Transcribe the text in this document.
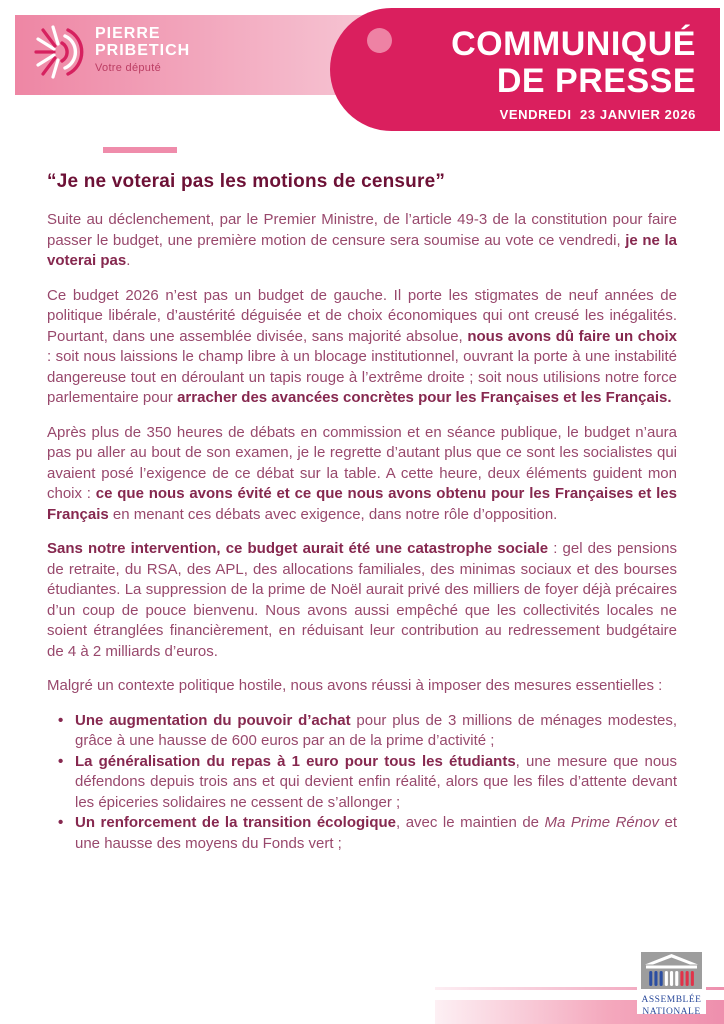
PIERRE
PRIBETICH
Votre député
COMMUNIQUÉ
DE PRESSE
VENDREDI  23 JANVIER 2026
“Je ne voterai pas les motions de censure”

Suite au déclenchement, par le Premier Ministre, de l’article 49-3 de la constitution pour faire passer le budget, une première motion de censure sera soumise au vote ce vendredi, je ne la voterai pas.

Ce budget 2026 n’est pas un budget de gauche. Il porte les stigmates de neuf années de politique libérale, d’austérité déguisée et de choix économiques qui ont creusé les inégalités. Pourtant, dans une assemblée divisée, sans majorité absolue, nous avons dû faire un choix : soit nous laissions le champ libre à un blocage institutionnel, ouvrant la porte à une instabilité dangereuse tout en déroulant un tapis rouge à l’extrême droite ; soit nous utilisions notre force parlementaire pour arracher des avancées concrètes pour les Françaises et les Français.

Après plus de 350 heures de débats en commission et en séance publique, le budget n’aura pas pu aller au bout de son examen, je le regrette d’autant plus que ce sont les socialistes qui avaient posé l’exigence de ce débat sur la table. A cette heure, deux éléments guident mon choix : ce que nous avons évité et ce que nous avons obtenu pour les Françaises et les Français en menant ces débats avec exigence, dans notre rôle d’opposition.

Sans notre intervention, ce budget aurait été une catastrophe sociale : gel des pensions de retraite, du RSA, des APL, des allocations familiales, des minimas sociaux et des bourses étudiantes. La suppression de la prime de Noël aurait privé des milliers de foyer déjà précaires d’un coup de pouce bienvenu. Nous avons aussi empêché que les collectivités locales ne soient étranglées financièrement, en réduisant leur contribution au redressement budgétaire de 4 à 2 milliards d’euros.

Malgré un contexte politique hostile, nous avons réussi à imposer des mesures essentielles :

• Une augmentation du pouvoir d’achat pour plus de 3 millions de ménages modestes, grâce à une hausse de 600 euros par an de la prime d’activité ;
• La généralisation du repas à 1 euro pour tous les étudiants, une mesure que nous défendons depuis trois ans et qui devient enfin réalité, alors que les files d’attente devant les épiceries solidaires ne cessent de s’allonger ;
• Un renforcement de la transition écologique, avec le maintien de Ma Prime Rénov et une hausse des moyens du Fonds vert ;
ASSEMBLÉE
NATIONALE
